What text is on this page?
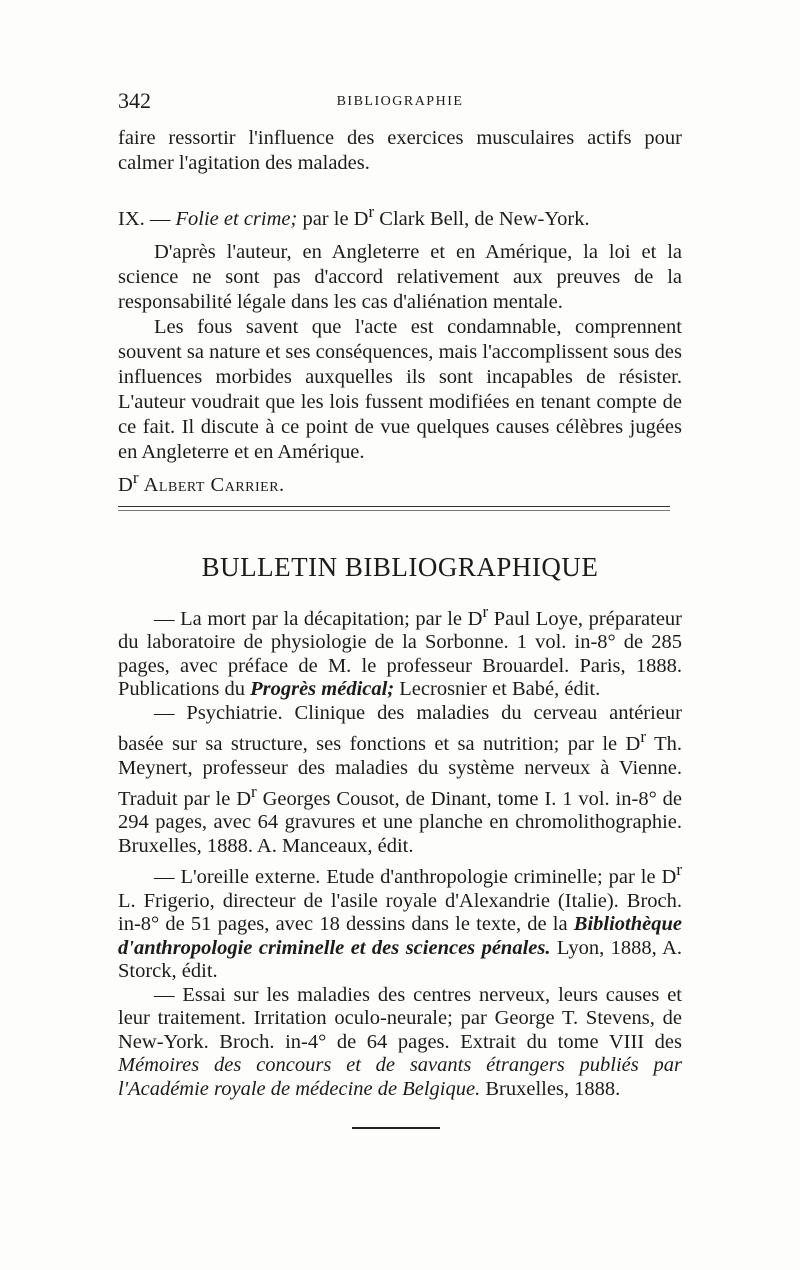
342	BIBLIOGRAPHIE

faire ressortir l'influence des exercices musculaires actifs pour calmer l'agitation des malades.

IX. — Folie et crime; par le $D^r$ Clark Bell, de New-York.

D'après l'auteur, en Angleterre et en Amérique, la loi et la science ne sont pas d'accord relativement aux preuves de la responsabilité légale dans les cas d'aliénation mentale.

Les fous savent que l'acte est condamnable, comprennent souvent sa nature et ses conséquences, mais l'accomplissent sous des influences morbides auxquelles ils sont incapables de résister. L'auteur voudrait que les lois fussent modifiées en tenant compte de ce fait. Il discute à ce point de vue quelques causes célèbres jugées en Angleterre et en Amérique.

$D^r$ Albert Carrier.

BULLETIN BIBLIOGRAPHIQUE

— La mort par la décapitation; par le $D^r$ Paul Loye, préparateur du laboratoire de physiologie de la Sorbonne. 1 vol. in-8° de 285 pages, avec préface de M. le professeur Brouardel. Paris, 1888. Publications du Progrès médical; Lecrosnier et Babé, édit.

— Psychiatrie. Clinique des maladies du cerveau antérieur basée sur sa structure, ses fonctions et sa nutrition; par le $D^r$ Th. Meynert, professeur des maladies du système nerveux à Vienne. Traduit par le $D^r$ Georges Cousot, de Dinant, tome I. 1 vol. in-8° de 294 pages, avec 64 gravures et une planche en chromolithographie. Bruxelles, 1888. A. Manceaux, édit.

— L'oreille externe. Etude d'anthropologie criminelle; par le $D^r$ L. Frigerio, directeur de l'asile royale d'Alexandrie (Italie). Broch. in-8° de 51 pages, avec 18 dessins dans le texte, de la Bibliothèque d'anthropologie criminelle et des sciences pénales. Lyon, 1888, A. Storck, édit.

— Essai sur les maladies des centres nerveux, leurs causes et leur traitement. Irritation oculo-neurale; par George T. Stevens, de New-York. Broch. in-4° de 64 pages. Extrait du tome VIII des Mémoires des concours et de savants étrangers publiés par l'Académie royale de médecine de Belgique. Bruxelles, 1888.
